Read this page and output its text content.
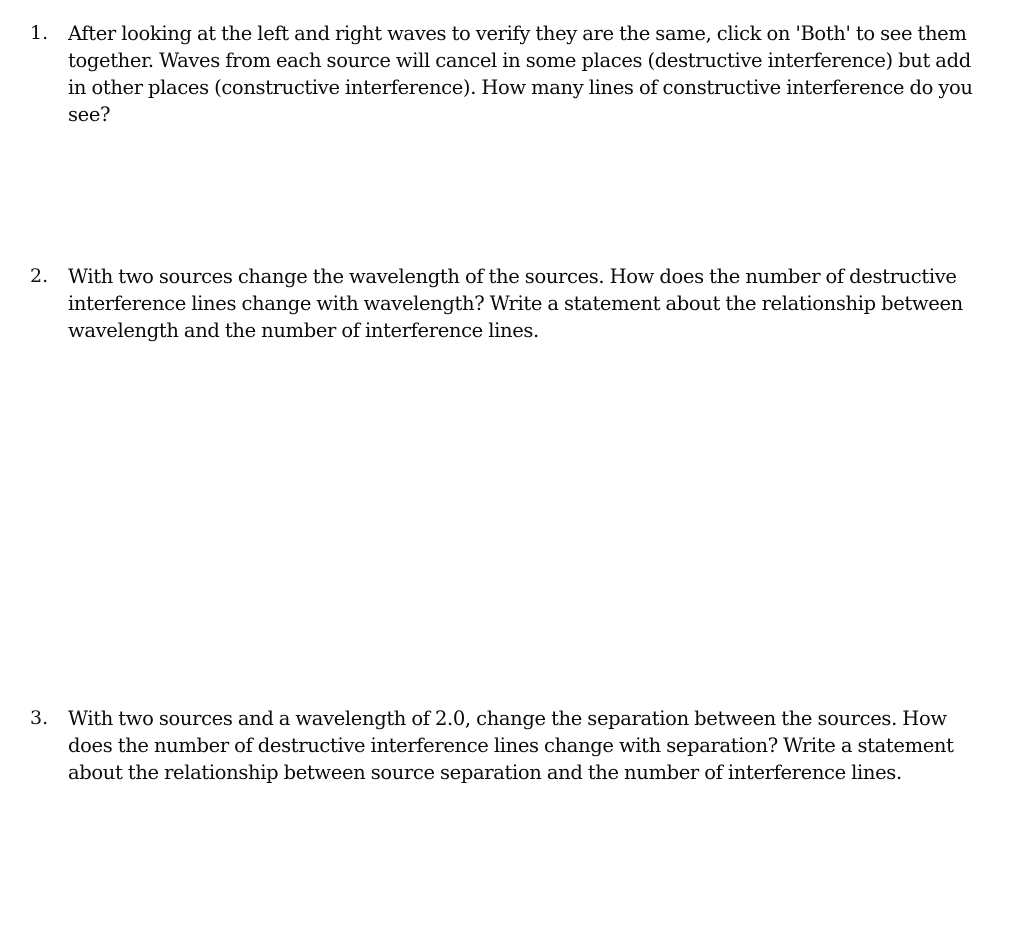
1.	After looking at the left and right waves to verify they are the same, click on 'Both' to see them together. Waves from each source will cancel in some places (destructive interference) but add in other places (constructive interference). How many lines of constructive interference do you see?
2.	With two sources change the wavelength of the sources. How does the number of destructive interference lines change with wavelength? Write a statement about the relationship between wavelength and the number of interference lines.
3.	With two sources and a wavelength of 2.0, change the separation between the sources. How does the number of destructive interference lines change with separation? Write a statement about the relationship between source separation and the number of interference lines.
